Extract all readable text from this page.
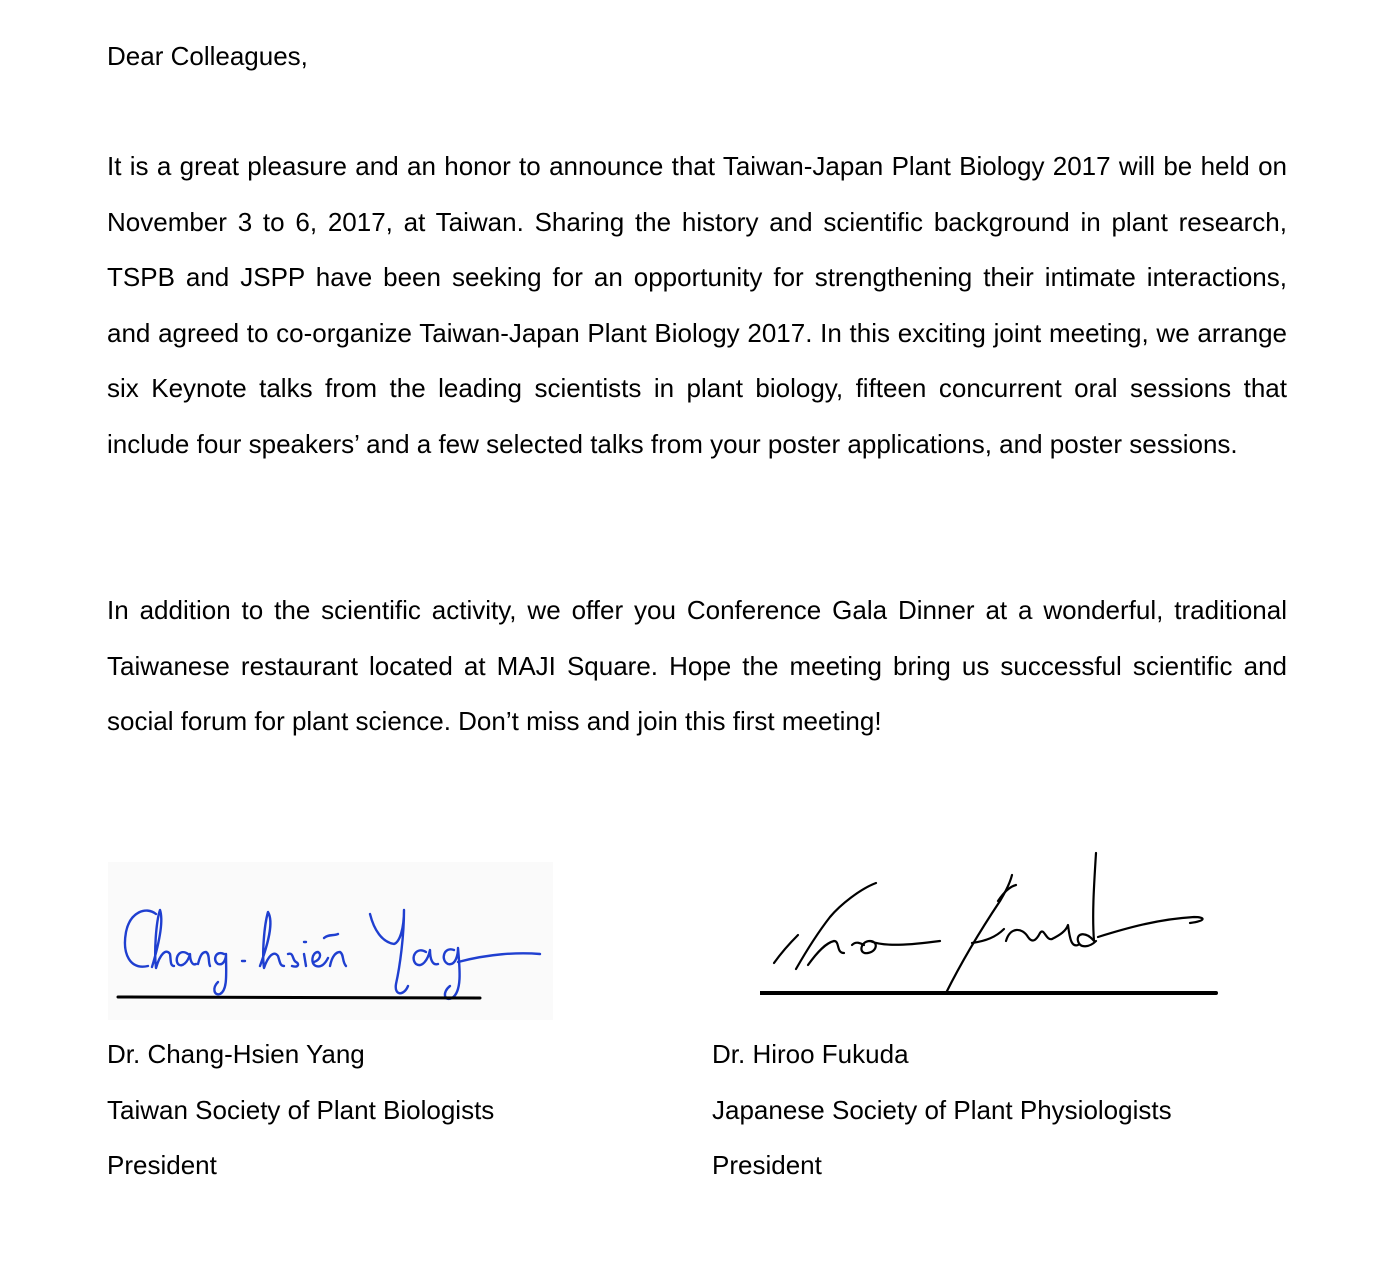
Dear Colleagues,

It is a great pleasure and an honor to announce that Taiwan-Japan Plant Biology 2017 will be held on November 3 to 6, 2017, at Taiwan. Sharing the history and scientific background in plant research, TSPB and JSPP have been seeking for an opportunity for strengthening their intimate interactions, and agreed to co-organize Taiwan-Japan Plant Biology 2017. In this exciting joint meeting, we arrange six Keynote talks from the leading scientists in plant biology, fifteen concurrent oral sessions that include four speakers’ and a few selected talks from your poster applications, and poster sessions.

In addition to the scientific activity, we offer you Conference Gala Dinner at a wonderful, traditional Taiwanese restaurant located at MAJI Square. Hope the meeting bring us successful scientific and social forum for plant science. Don’t miss and join this first meeting!

Dr. Chang-Hsien Yang
Taiwan Society of Plant Biologists
President
Dr. Hiroo Fukuda
Japanese Society of Plant Physiologists
President
